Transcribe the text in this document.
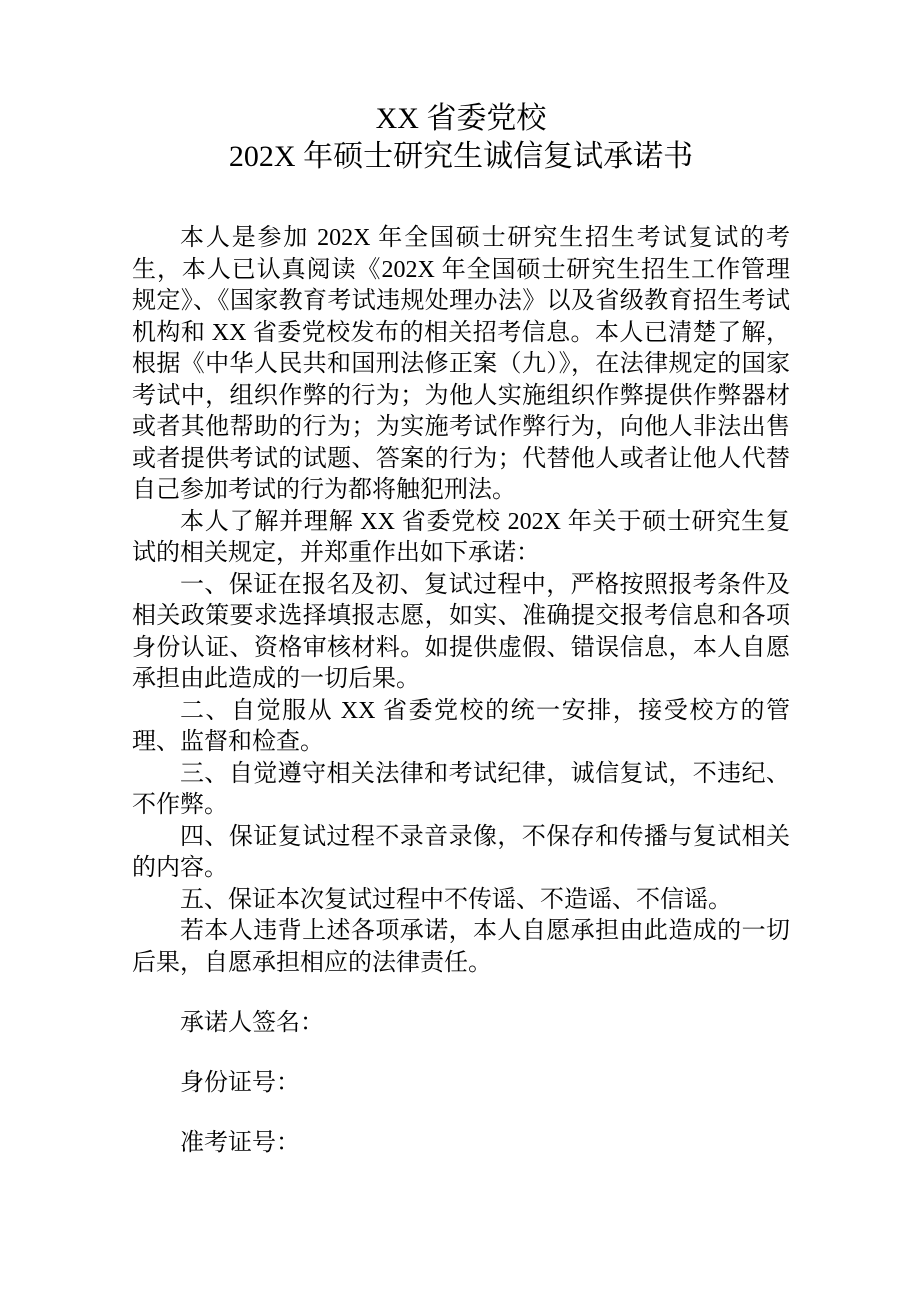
XX 省委党校
202X 年硕士研究生诚信复试承诺书

本人是参加 202X 年全国硕士研究生招生考试复试的考生，本人已认真阅读《202X 年全国硕士研究生招生工作管理规定》、《国家教育考试违规处理办法》以及省级教育招生考试机构和 XX 省委党校发布的相关招考信息。本人已清楚了解，根据《中华人民共和国刑法修正案（九）》，在法律规定的国家考试中，组织作弊的行为；为他人实施组织作弊提供作弊器材或者其他帮助的行为；为实施考试作弊行为，向他人非法出售或者提供考试的试题、答案的行为；代替他人或者让他人代替自己参加考试的行为都将触犯刑法。

本人了解并理解 XX 省委党校 202X 年关于硕士研究生复试的相关规定，并郑重作出如下承诺：

一、保证在报名及初、复试过程中，严格按照报考条件及相关政策要求选择填报志愿，如实、准确提交报考信息和各项身份认证、资格审核材料。如提供虚假、错误信息，本人自愿承担由此造成的一切后果。

二、自觉服从 XX 省委党校的统一安排，接受校方的管理、监督和检查。

三、自觉遵守相关法律和考试纪律，诚信复试，不违纪、不作弊。

四、保证复试过程不录音录像，不保存和传播与复试相关的内容。

五、保证本次复试过程中不传谣、不造谣、不信谣。

若本人违背上述各项承诺，本人自愿承担由此造成的一切后果，自愿承担相应的法律责任。

承诺人签名：

身份证号：

准考证号：
